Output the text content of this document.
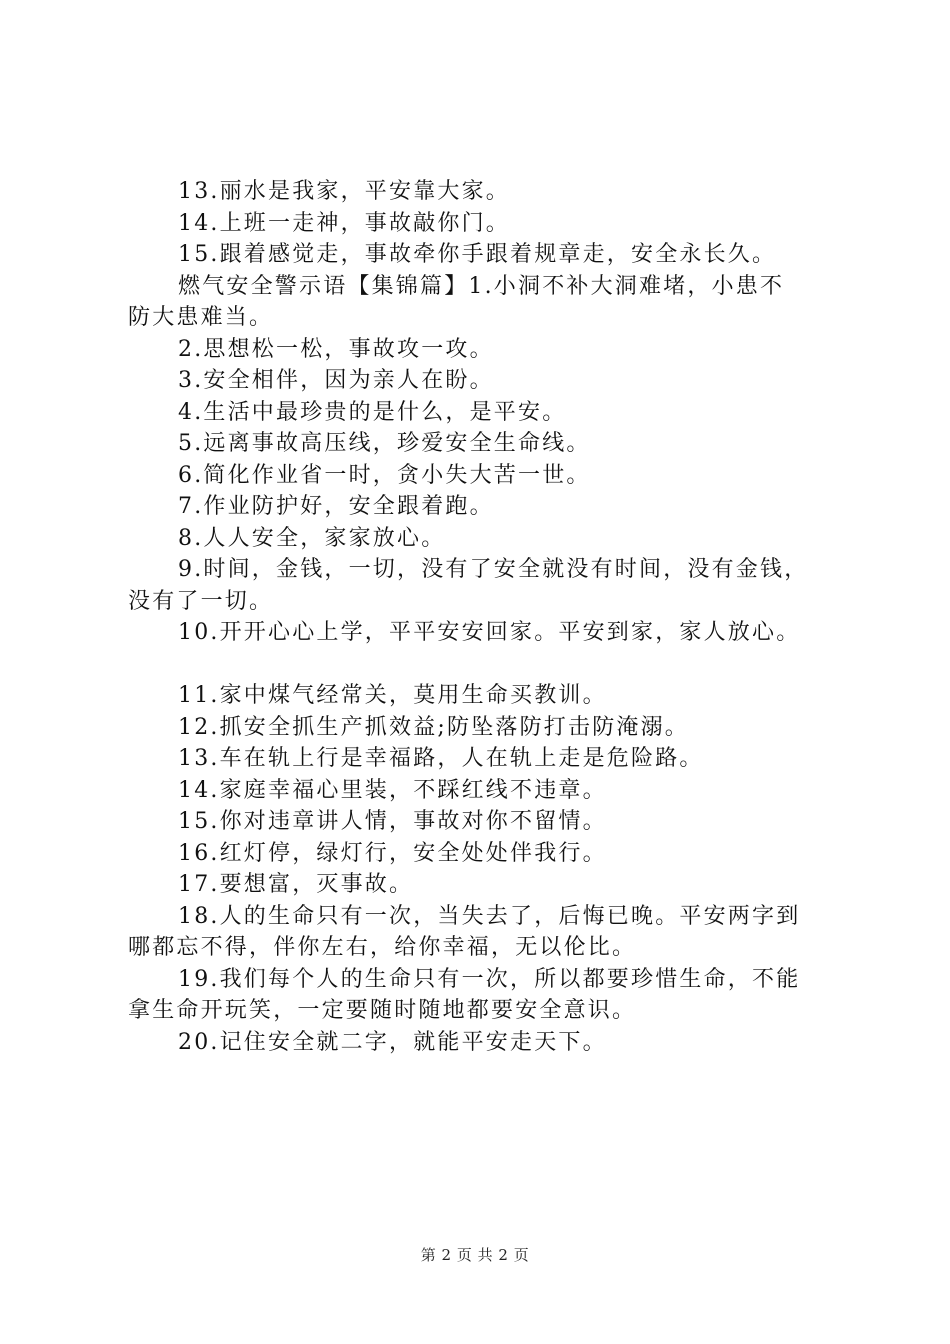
13.丽水是我家，平安靠大家。

14.上班一走神，事故敲你门。

15.跟着感觉走，事故牵你手跟着规章走，安全永长久。

燃气安全警示语【集锦篇】1.小洞不补大洞难堵，小患不

防大患难当。

2.思想松一松，事故攻一攻。

3.安全相伴，因为亲人在盼。

4.生活中最珍贵的是什么，是平安。

5.远离事故高压线，珍爱安全生命线。

6.简化作业省一时，贪小失大苦一世。

7.作业防护好，安全跟着跑。

8.人人安全，家家放心。

9.时间，金钱，一切，没有了安全就没有时间，没有金钱，

没有了一切。

10.开开心心上学，平平安安回家。平安到家，家人放心。

11.家中煤气经常关，莫用生命买教训。

12.抓安全抓生产抓效益;防坠落防打击防淹溺。

13.车在轨上行是幸福路，人在轨上走是危险路。

14.家庭幸福心里装，不踩红线不违章。

15.你对违章讲人情，事故对你不留情。

16.红灯停，绿灯行，安全处处伴我行。

17.要想富，灭事故。

18.人的生命只有一次，当失去了，后悔已晚。平安两字到

哪都忘不得，伴你左右，给你幸福，无以伦比。

19.我们每个人的生命只有一次，所以都要珍惜生命，不能

拿生命开玩笑，一定要随时随地都要安全意识。

20.记住安全就二字，就能平安走天下。

第 2 页 共 2 页
